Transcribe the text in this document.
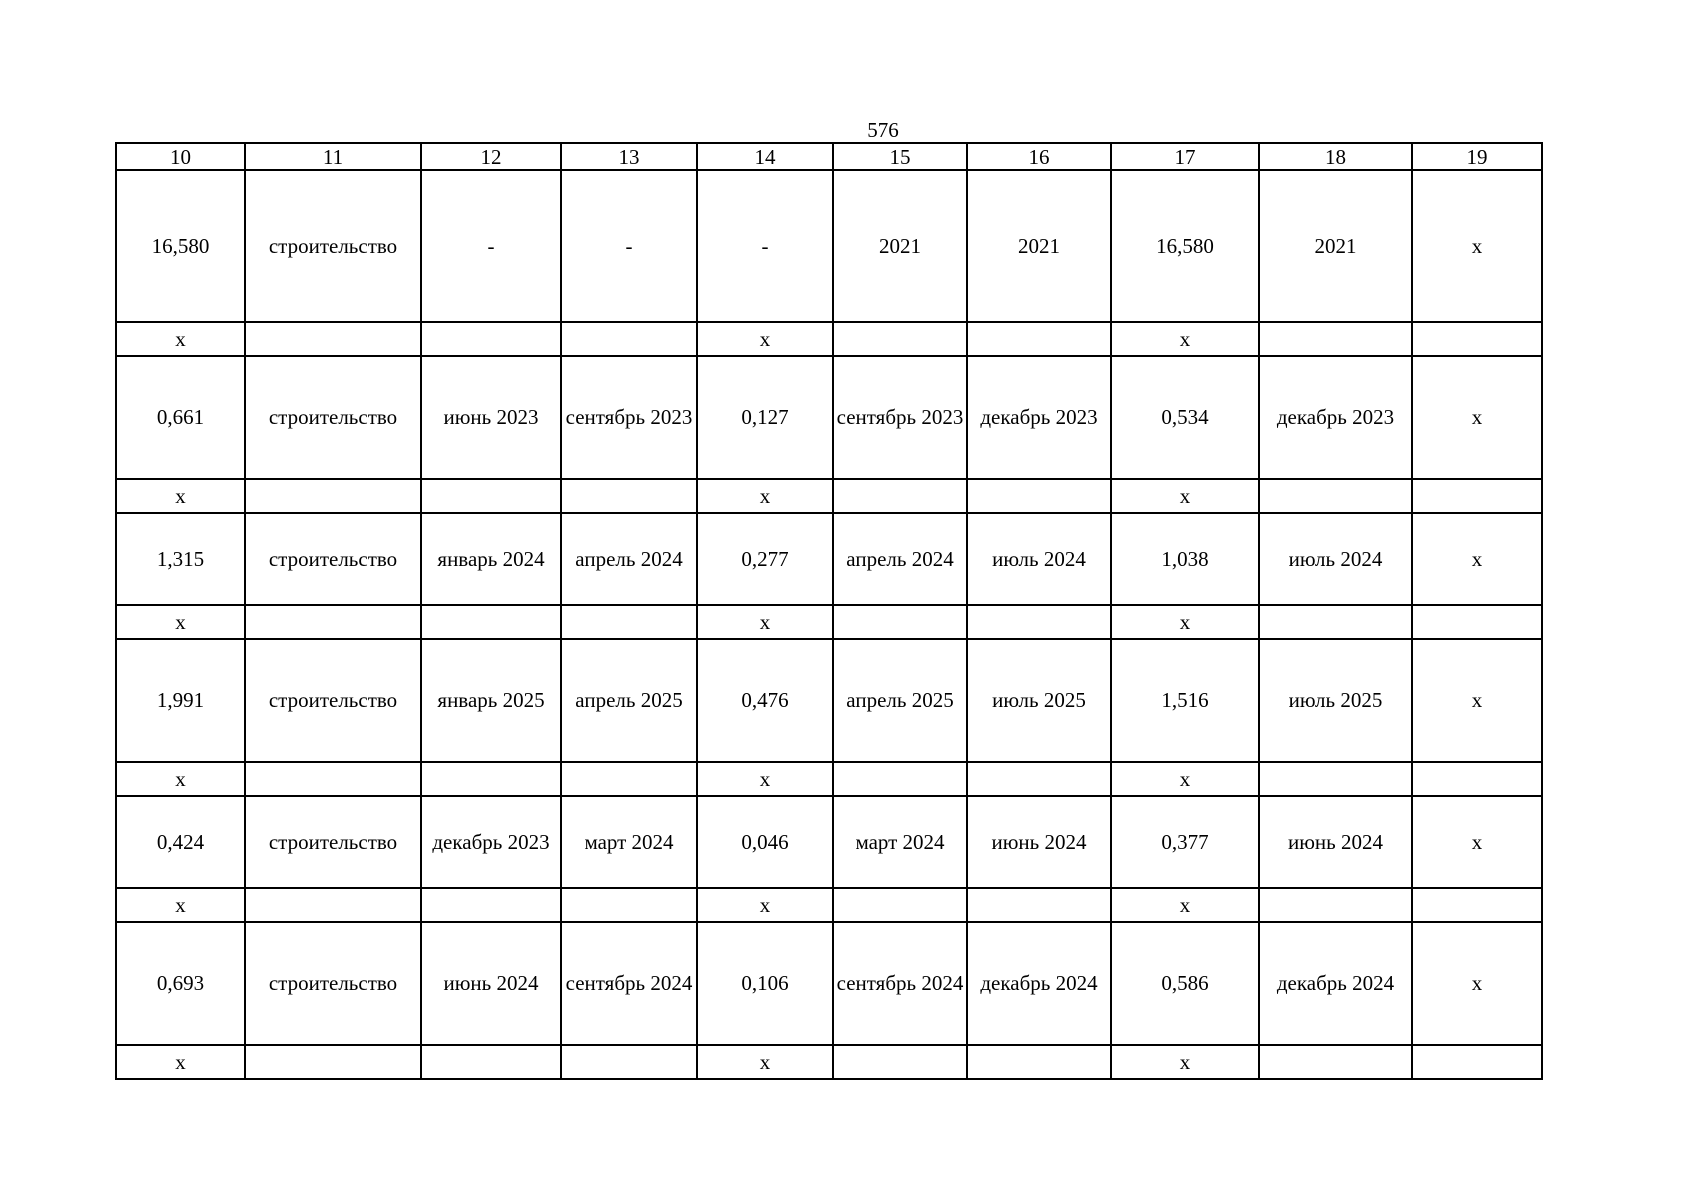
576
10	11	12	13	14	15	16	17	18	19
16,580	строительство	-	-	-	2021	2021	16,580	2021	х
х				х			х		
0,661	строительство	июнь 2023	сентябрь 2023	0,127	сентябрь 2023	декабрь 2023	0,534	декабрь 2023	х
х				х			х		
1,315	строительство	январь 2024	апрель 2024	0,277	апрель 2024	июль 2024	1,038	июль 2024	х
х				х			х		
1,991	строительство	январь 2025	апрель 2025	0,476	апрель 2025	июль 2025	1,516	июль 2025	х
х				х			х		
0,424	строительство	декабрь 2023	март 2024	0,046	март 2024	июнь 2024	0,377	июнь 2024	х
х				х			х		
0,693	строительство	июнь 2024	сентябрь 2024	0,106	сентябрь 2024	декабрь 2024	0,586	декабрь 2024	х
х				х			х		
